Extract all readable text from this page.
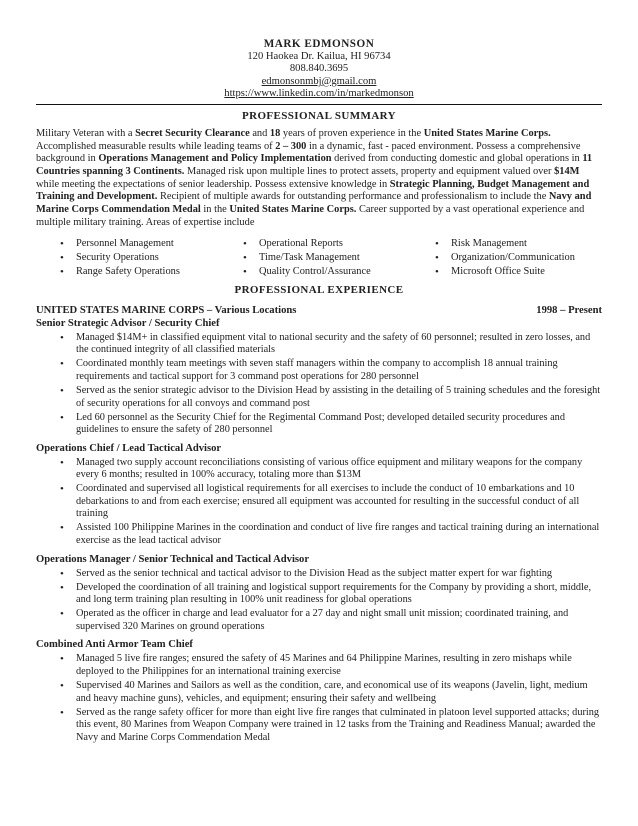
MARK EDMONSON
120 Haokea Dr. Kailua, HI 96734
808.840.3695
edmonsonmbj@gmail.com
https://www.linkedin.com/in/markedmonson
PROFESSIONAL SUMMARY
Military Veteran with a Secret Security Clearance and 18 years of proven experience in the United States Marine Corps. Accomplished measurable results while leading teams of 2 – 300 in a dynamic, fast - paced environment. Possess a comprehensive background in Operations Management and Policy Implementation derived from conducting domestic and global operations in 11 Countries spanning 3 Continents. Managed risk upon multiple lines to protect assets, property and equipment valued over $14M while meeting the expectations of senior leadership. Possess extensive knowledge in Strategic Planning, Budget Management and Training and Development. Recipient of multiple awards for outstanding performance and professionalism to include the Navy and Marine Corps Commendation Medal in the United States Marine Corps. Career supported by a vast operational experience and multiple military training. Areas of expertise include
• Personnel Management
• Security Operations
• Range Safety Operations
• Operational Reports
• Time/Task Management
• Quality Control/Assurance
• Risk Management
• Organization/Communication
• Microsoft Office Suite
PROFESSIONAL EXPERIENCE
UNITED STATES MARINE CORPS – Various Locations	1998 – Present
Senior Strategic Advisor / Security Chief
• Managed $14M+ in classified equipment vital to national security and the safety of 60 personnel; resulted in zero losses, and the continued integrity of all classified materials
• Coordinated monthly team meetings with seven staff managers within the company to accomplish 18 annual training requirements and tactical support for 3 command post operations for 280 personnel
• Served as the senior strategic advisor to the Division Head by assisting in the detailing of 5 training schedules and the foresight of security operations for all convoys and command post
• Led 60 personnel as the Security Chief for the Regimental Command Post; developed detailed security procedures and guidelines to ensure the safety of 280 personnel
Operations Chief / Lead Tactical Advisor
• Managed two supply account reconciliations consisting of various office equipment and military weapons for the company every 6 months; resulted in 100% accuracy, totaling more than $13M
• Coordinated and supervised all logistical requirements for all exercises to include the conduct of 10 embarkations and 10 debarkations to and from each exercise; ensured all equipment was accounted for resulting in the successful conduct of all training
• Assisted 100 Philippine Marines in the coordination and conduct of live fire ranges and tactical training during an international exercise as the lead tactical advisor
Operations Manager / Senior Technical and Tactical Advisor
• Served as the senior technical and tactical advisor to the Division Head as the subject matter expert for war fighting
• Developed the coordination of all training and logistical support requirements for the Company by providing a short, middle, and long term training plan resulting in 100% unit readiness for global operations
• Operated as the officer in charge and lead evaluator for a 27 day and night small unit mission; coordinated training, and supervised 320 Marines on ground operations
Combined Anti Armor Team Chief
• Managed 5 live fire ranges; ensured the safety of 45 Marines and 64 Philippine Marines, resulting in zero mishaps while deployed to the Philippines for an international training exercise
• Supervised 40 Marines and Sailors as well as the condition, care, and economical use of its weapons (Javelin, light, medium and heavy machine guns), vehicles, and equipment; ensuring their safety and wellbeing
• Served as the range safety officer for more than eight live fire ranges that culminated in platoon level supported attacks; during this event, 80 Marines from Weapon Company were trained in 12 tasks from the Training and Readiness Manual; awarded the Navy and Marine Corps Commendation Medal
